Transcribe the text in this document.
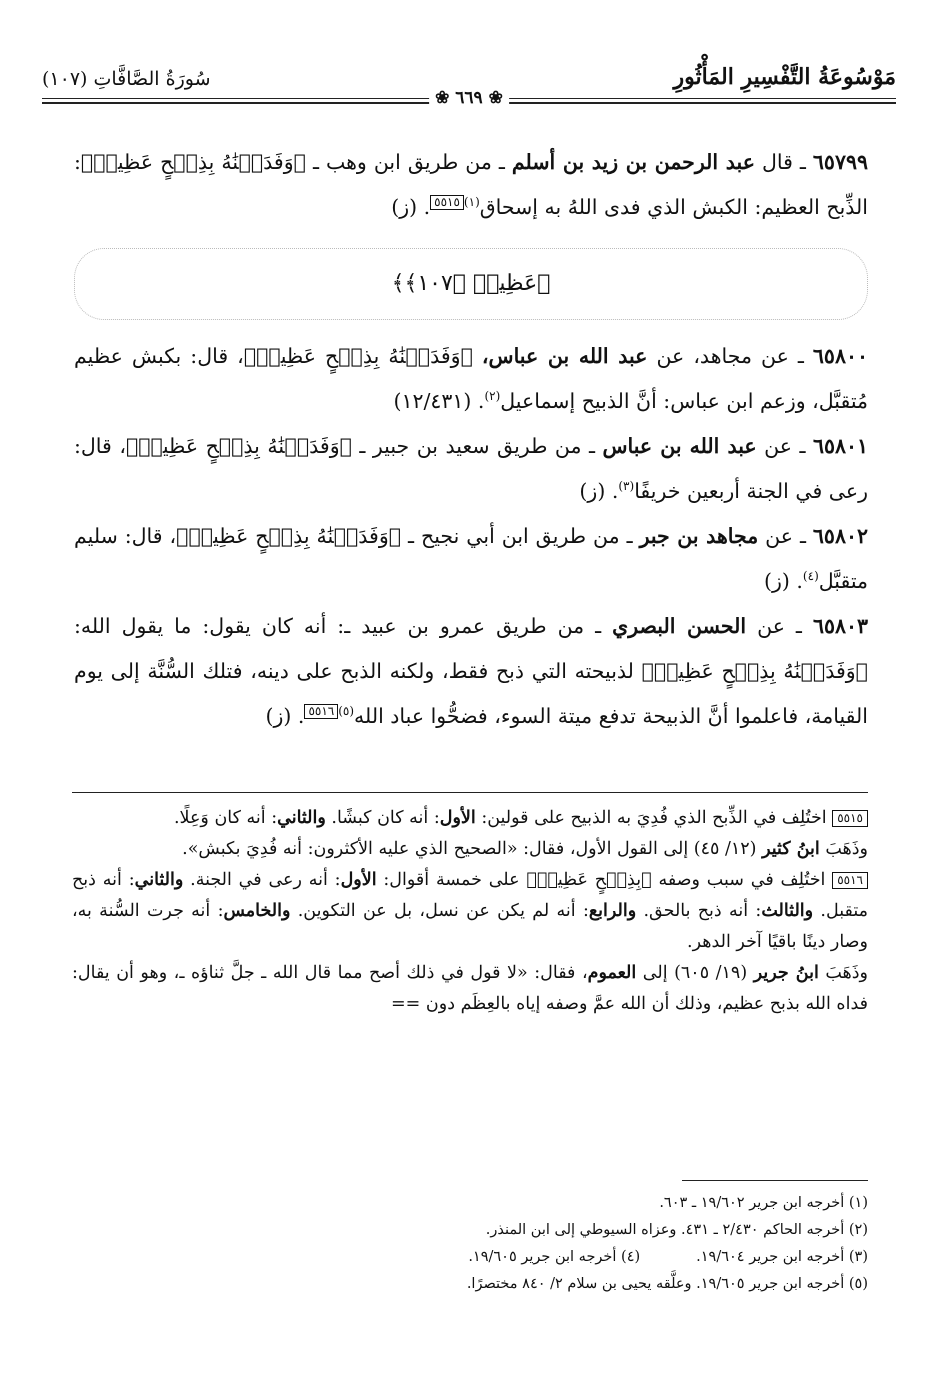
مَوْسُوعَةُ التَّفْسِيرِ المَأْثُورِ
سُورَةُ الصَّافَّاتِ (١٠٧)
❀ ٦٦٩ ❀

٦٥٧٩٩ ـ قال عبد الرحمن بن زيد بن أسلم ـ من طريق ابن وهب ـ ﴿وَفَدَيۡنَٰهُ بِذِبۡحٍ عَظِيمٖ﴾: الذِّبح العظيم: الكبش الذي فدى اللهُ به إسحاق$^{(١)}$٥٥١٥. (ز)

﴿عَظِيمٖ ﴿١٠٧﴾﴾

٦٥٨٠٠ ـ عن مجاهد، عن عبد الله بن عباس، ﴿وَفَدَيۡنَٰهُ بِذِبۡحٍ عَظِيمٖ﴾، قال: بكبش عظيم مُتقبَّل، وزعم ابن عباس: أنَّ الذبيح إسماعيل$^{(٢)}$. (١٢/٤٣١)

٦٥٨٠١ ـ عن عبد الله بن عباس ـ من طريق سعيد بن جبير ـ ﴿وَفَدَيۡنَٰهُ بِذِبۡحٍ عَظِيمٖ﴾، قال: رعى في الجنة أربعين خريفًا$^{(٣)}$. (ز)

٦٥٨٠٢ ـ عن مجاهد بن جبر ـ من طريق ابن أبي نجيح ـ ﴿وَفَدَيۡنَٰهُ بِذِبۡحٍ عَظِيمٖ﴾، قال: سليم متقبَّل$^{(٤)}$. (ز)

٦٥٨٠٣ ـ عن الحسن البصري ـ من طريق عمرو بن عبيد ـ: أنه كان يقول: ما يقول الله: ﴿وَفَدَيۡنَٰهُ بِذِبۡحٍ عَظِيمٖ﴾ لذبيحته التي ذبح فقط، ولكنه الذبح على دينه، فتلك السُّنَّة إلى يوم القيامة، فاعلموا أنَّ الذبيحة تدفع ميتة السوء، فضحُّوا عباد الله$^{(٥)}$٥٥١٦. (ز)

٥٥١٥ اختُلِف في الذِّبح الذي فُدِيَ به الذبيح على قولين: الأول: أنه كان كبشًا. والثاني: أنه كان وَعِلًا.

وذَهَبَ ابنُ كثير (١٢/ ٤٥) إلى القول الأول، فقال: «الصحيح الذي عليه الأكثرون: أنه فُدِيَ بكبش».

٥٥١٦ اختُلِف في سبب وصفه ﴿بِذِبۡحٍ عَظِيمٖ﴾ على خمسة أقوال: الأول: أنه رعى في الجنة. والثاني: أنه ذبح متقبل. والثالث: أنه ذبح بالحق. والرابع: أنه لم يكن عن نسل، بل عن التكوين. والخامس: أنه جرت السُّنة به، وصار دينًا باقيًا آخر الدهر.

وذَهَبَ ابنُ جرير (١٩/ ٦٠٥) إلى العموم، فقال: «لا قول في ذلك أصح مما قال الله ـ جلَّ ثناؤه ـ، وهو أن يقال: فداه الله بذبح عظيم، وذلك أن الله عمَّ وصفه إياه بالعِظَم دون ==

(١) أخرجه ابن جرير ١٩/٦٠٢ ـ ٦٠٣.

(٢) أخرجه الحاكم ٢/٤٣٠ ـ ٤٣١. وعزاه السيوطي إلى ابن المنذر.

(٣) أخرجه ابن جرير ١٩/٦٠٤.(٤) أخرجه ابن جرير ١٩/٦٠٥.

(٥) أخرجه ابن جرير ١٩/٦٠٥. وعلَّقه يحيى بن سلام ٢/ ٨٤٠ مختصرًا.
